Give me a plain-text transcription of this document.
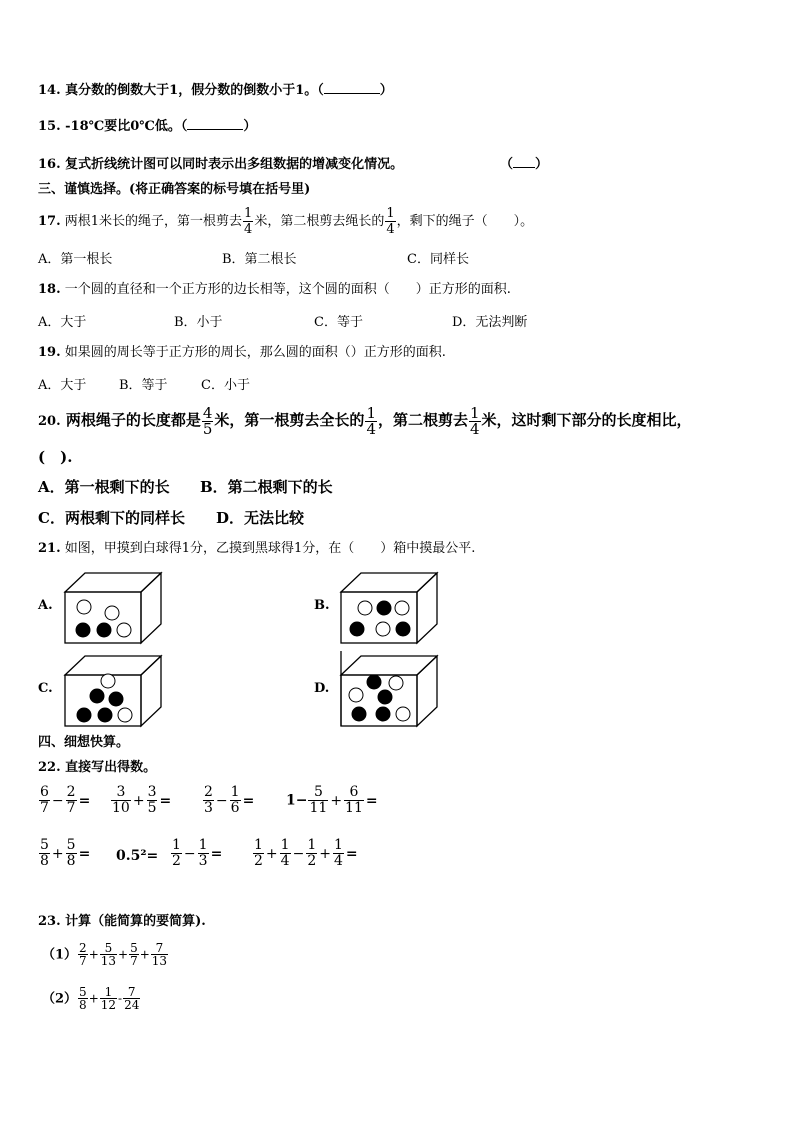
14. 真分数的倒数大于1，假分数的倒数小于1。（	）
15. -18℃要比0℃低。（	）
16. 复式折线统计图可以同时表示出多组数据的增减变化情况。	（ ）
三、谨慎选择。(将正确答案的标号填在括号里)
17. 两根1米长的绳子，第一根剪去 $\frac{1}{4}$ 米，第二根剪去绳长的 $\frac{1}{4}$ ，剩下的绳子（　　）。
A．第一根长	B．第二根长	C．同样长
18. 一个圆的直径和一个正方形的边长相等，这个圆的面积（　　）正方形的面积.
A．大于	B．小于	C．等于	D．无法判断
19. 如果圆的周长等于正方形的周长，那么圆的面积（）正方形的面积.
A．大于	B．等于	C．小于
20. 两根绳子的长度都是 $\frac{4}{5}$ 米，第一根剪去全长的 $\frac{1}{4}$ ，第二根剪去 $\frac{1}{4}$ 米，这时剩下部分的长度相比，
(　).
A．第一根剩下的长 B．第二根剩下的长
C．两根剩下的同样长 D．无法比较
21. 如图，甲摸到白球得1分，乙摸到黑球得1分，在（　　）箱中摸最公平.
A.	B.
C.	D.
四、细想快算。
22. 直接写出得数。
$\frac{6}{7} - \frac{2}{7} = \frac{3}{10} + \frac{3}{5} = \frac{2}{3} - \frac{1}{6} = 1- \frac{5}{11} + \frac{6}{11}$ =
$\frac{5}{8} + \frac{5}{8} = 0.5^2= \frac{1}{2} - \frac{1}{3} = \frac{1}{2} + \frac{1}{4} - \frac{1}{2} + \frac{1}{4}$ =
23. 计算（能简算的要简算).
$(1) \frac{2}{7} + \frac{5}{13} + \frac{5}{7} + \frac{7}{13}$
$(2) \frac{5}{8} + \frac{1}{12} - \frac{7}{24}$
